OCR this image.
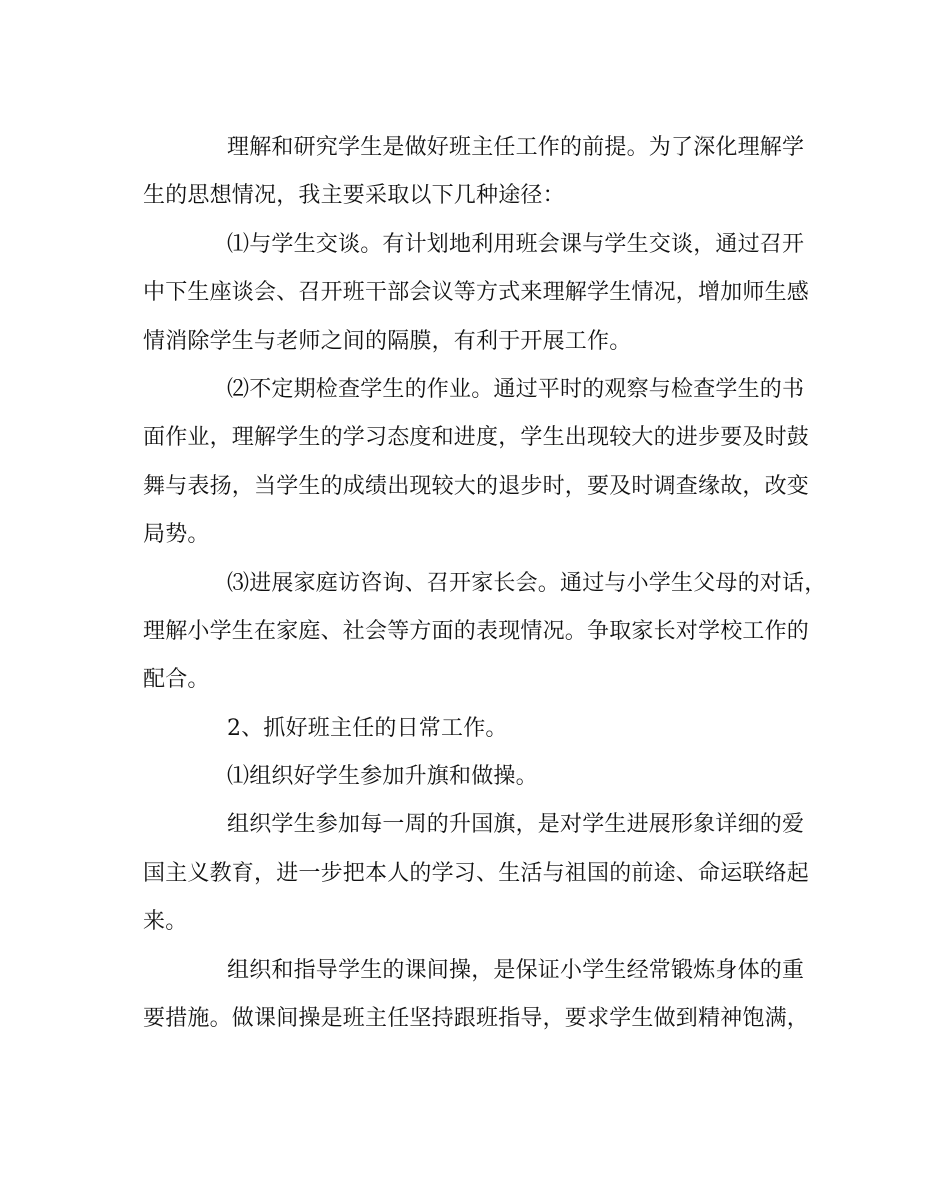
理解和研究学生是做好班主任工作的前提。为了深化理解学
生的思想情况，我主要采取以下几种途径：
⑴与学生交谈。有计划地利用班会课与学生交谈，通过召开
中下生座谈会、召开班干部会议等方式来理解学生情况，增加师生感
情消除学生与老师之间的隔膜，有利于开展工作。
⑵不定期检查学生的作业。通过平时的观察与检查学生的书
面作业，理解学生的学习态度和进度，学生出现较大的进步要及时鼓
舞与表扬，当学生的成绩出现较大的退步时，要及时调查缘故，改变
局势。
⑶进展家庭访咨询、召开家长会。通过与小学生父母的对话，
理解小学生在家庭、社会等方面的表现情况。争取家长对学校工作的
配合。
2、抓好班主任的日常工作。
⑴组织好学生参加升旗和做操。
组织学生参加每一周的升国旗，是对学生进展形象详细的爱
国主义教育，进一步把本人的学习、生活与祖国的前途、命运联络起
来。
组织和指导学生的课间操，是保证小学生经常锻炼身体的重
要措施。做课间操是班主任坚持跟班指导，要求学生做到精神饱满，
